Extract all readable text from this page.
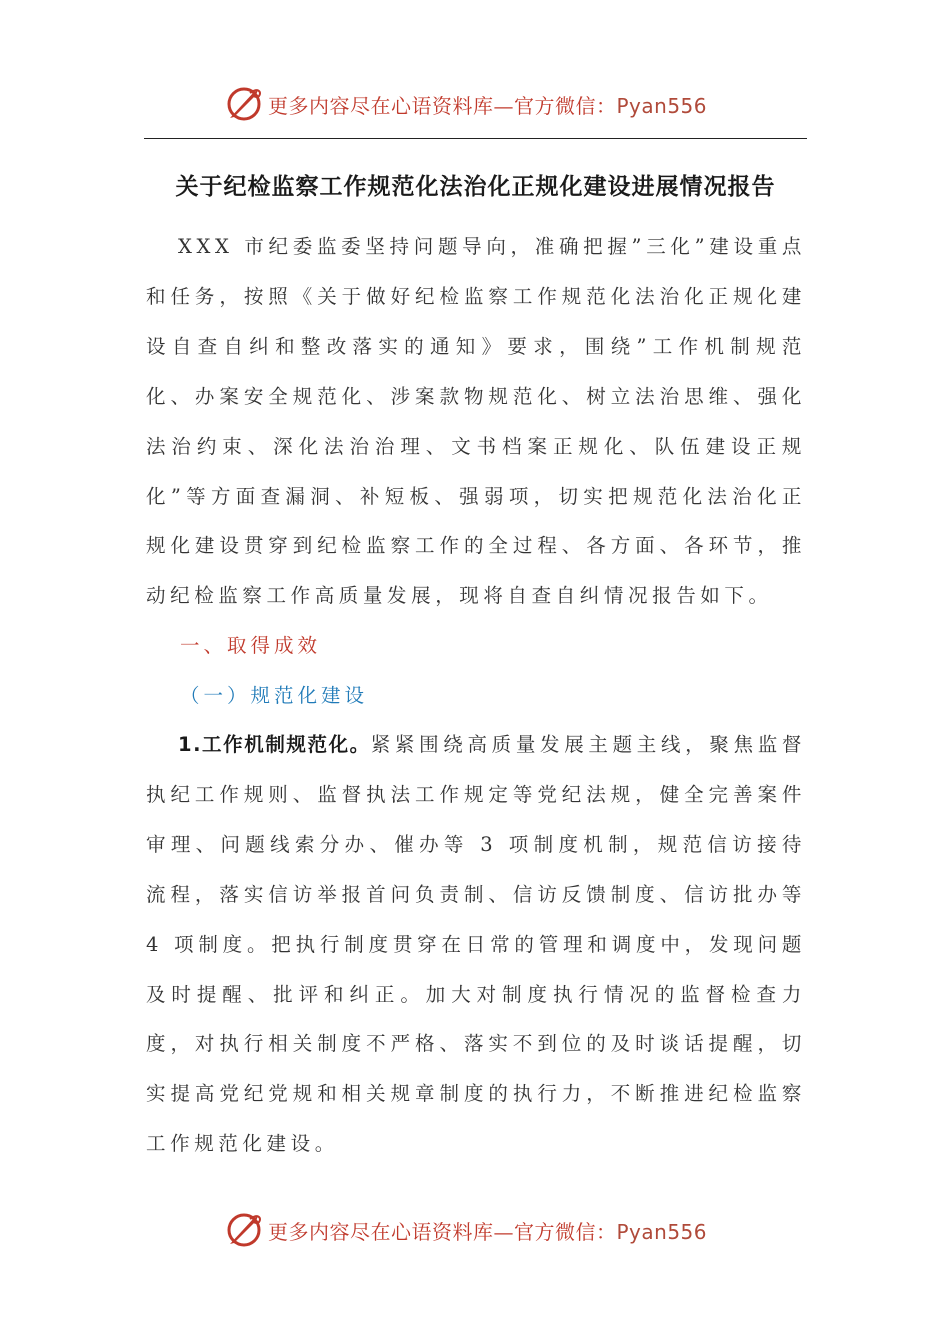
更多内容尽在心语资料库—官方微信：Pyan556
关于纪检监察工作规范化法治化正规化建设进展情况报告
XXX 市纪委监委坚持问题导向，准确把握”三化”建设重点和任务，按照《关于做好纪检监察工作规范化法治化正规化建设自查自纠和整改落实的通知》要求，围绕”工作机制规范化、办案安全规范化、涉案款物规范化、树立法治思维、强化法治约束、深化法治治理、文书档案正规化、队伍建设正规化”等方面查漏洞、补短板、强弱项，切实把规范化法治化正规化建设贯穿到纪检监察工作的全过程、各方面、各环节，推动纪检监察工作高质量发展，现将自查自纠情况报告如下。
一、取得成效
（一）规范化建设
1.工作机制规范化。紧紧围绕高质量发展主题主线，聚焦监督执纪工作规则、监督执法工作规定等党纪法规，健全完善案件审理、问题线索分办、催办等 3 项制度机制，规范信访接待流程，落实信访举报首问负责制、信访反馈制度、信访批办等 4 项制度。把执行制度贯穿在日常的管理和调度中，发现问题及时提醒、批评和纠正。加大对制度执行情况的监督检查力度，对执行相关制度不严格、落实不到位的及时谈话提醒，切实提高党纪党规和相关规章制度的执行力，不断推进纪检监察工作规范化建设。
更多内容尽在心语资料库—官方微信：Pyan556
